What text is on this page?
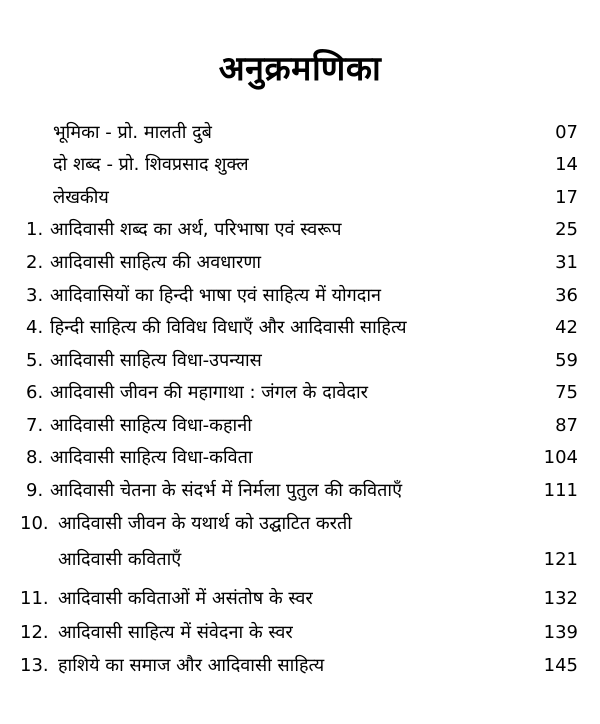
अनुक्रमणिका
भूमिका - प्रो. मालती दुबे	07
दो शब्द - प्रो. शिवप्रसाद शुक्ल	14
लेखकीय	17
1. आदिवासी शब्द का अर्थ, परिभाषा एवं स्वरूप	25
2. आदिवासी साहित्य की अवधारणा	31
3. आदिवासियों का हिन्दी भाषा एवं साहित्य में योगदान	36
4. हिन्दी साहित्य की विविध विधाएँ और आदिवासी साहित्य	42
5. आदिवासी साहित्य विधा-उपन्यास	59
6. आदिवासी जीवन की महागाथा : जंगल के दावेदार	75
7. आदिवासी साहित्य विधा-कहानी	87
8. आदिवासी साहित्य विधा-कविता	104
9. आदिवासी चेतना के संदर्भ में निर्मला पुतुल की कविताएँ	111
10. आदिवासी जीवन के यथार्थ को उद्घाटित करती
आदिवासी कविताएँ	121
11. आदिवासी कविताओं में असंतोष के स्वर	132
12. आदिवासी साहित्य में संवेदना के स्वर	139
13. हाशिये का समाज और आदिवासी साहित्य	145
